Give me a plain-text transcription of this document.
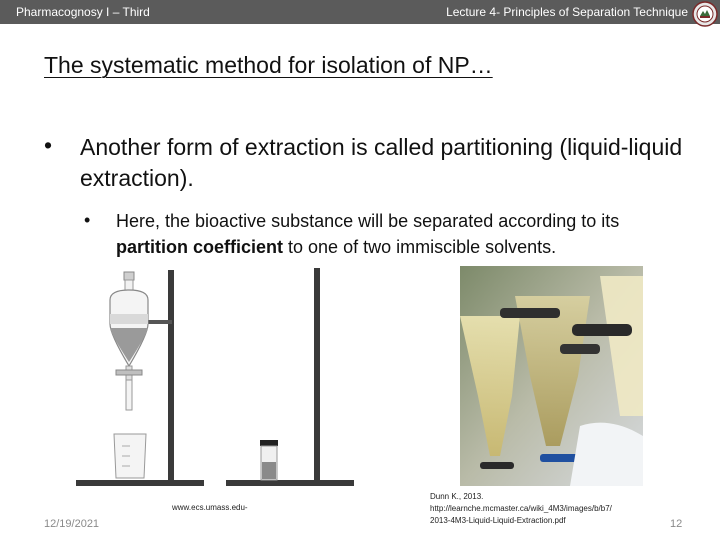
Pharmacognosy I – Third	Lecture 4- Principles of Separation Technique
The systematic method for isolation of NP…
• Another form of extraction is called partitioning (liquid-liquid extraction).
• Here, the bioactive substance will be separated according to its partition coefficient to one of two immiscible solvents.
www.ecs.umass.edu-
Dunn K., 2013.
http://learnche.mcmaster.ca/wiki_4M3/images/b/b7/
2013-4M3-Liquid-Liquid-Extraction.pdf
12/19/2021	12
